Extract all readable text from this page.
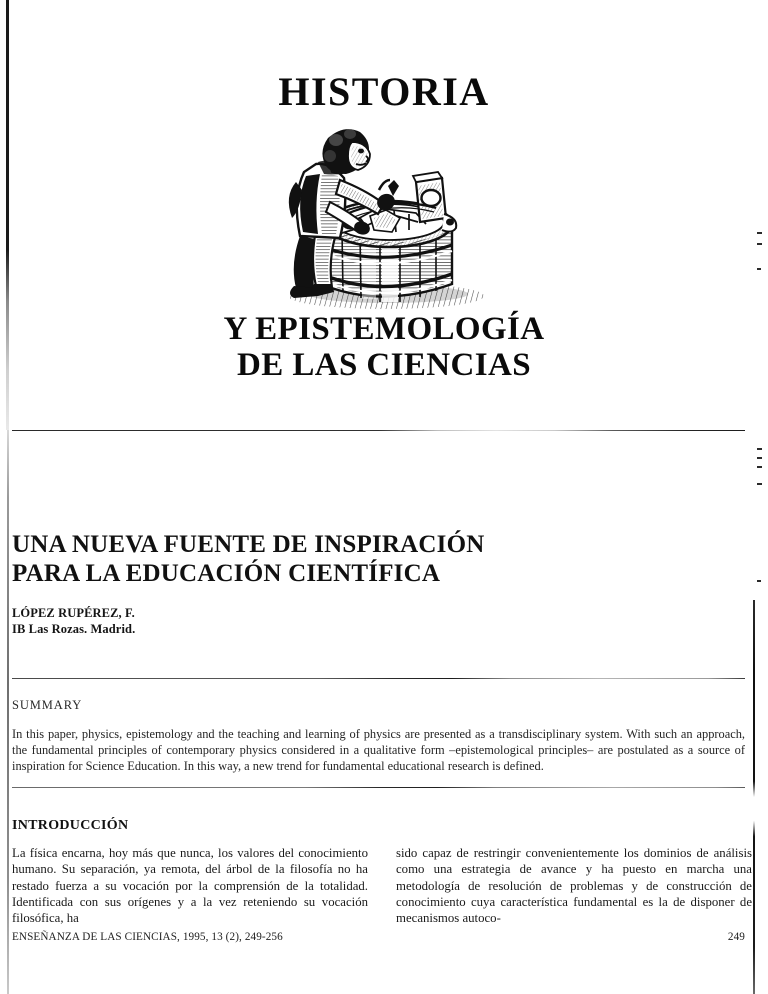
HISTORIA
Y EPISTEMOLOGÍA
DE LAS CIENCIAS
UNA NUEVA FUENTE DE INSPIRACIÓN
PARA LA EDUCACIÓN CIENTÍFICA
LÓPEZ RUPÉREZ, F.
IB Las Rozas. Madrid.
SUMMARY
In this paper, physics, epistemology and the teaching and learning of physics are presented as a transdisciplinary system. With such an approach, the fundamental principles of contemporary physics considered in a qualitative form –epistemological principles– are postulated as a source of inspiration for Science Education. In this way, a new trend for fundamental educational research is defined.
INTRODUCCIÓN

La física encarna, hoy más que nunca, los valores del conocimiento humano. Su separación, ya remota, del árbol de la filosofía no ha restado fuerza a su vocación por la comprensión de la totalidad. Identificada con sus orígenes y a la vez reteniendo su vocación filosófica, ha

sido capaz de restringir convenientemente los dominios de análisis como una estrategia de avance y ha puesto en marcha una metodología de resolución de problemas y de construcción de conocimiento cuya característica fundamental es la de disponer de mecanismos autoco-

ENSEÑANZA DE LAS CIENCIAS, 1995, 13 (2), 249-256	249
